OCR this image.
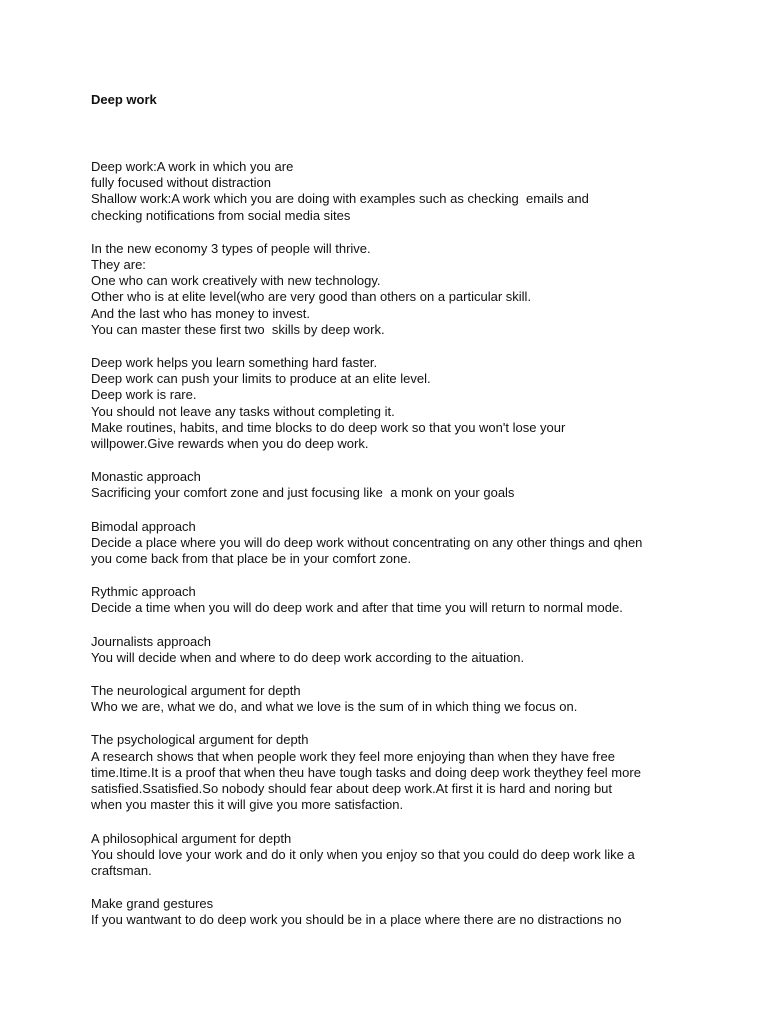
Deep work
Deep work:A work in which you are
fully focused without distraction
Shallow work:A work which you are doing with examples such as checking  emails and
checking notifications from social media sites
In the new economy 3 types of people will thrive.
They are:
One who can work creatively with new technology.
Other who is at elite level(who are very good than others on a particular skill.
And the last who has money to invest.
You can master these first two  skills by deep work.
Deep work helps you learn something hard faster.
Deep work can push your limits to produce at an elite level.
Deep work is rare.
You should not leave any tasks without completing it.
Make routines, habits, and time blocks to do deep work so that you won't lose your
willpower.Give rewards when you do deep work.
Monastic approach
Sacrificing your comfort zone and just focusing like  a monk on your goals
Bimodal approach
Decide a place where you will do deep work without concentrating on any other things and qhen
you come back from that place be in your comfort zone.
Rythmic approach
Decide a time when you will do deep work and after that time you will return to normal mode.
Journalists approach
You will decide when and where to do deep work according to the aituation.
The neurological argument for depth
Who we are, what we do, and what we love is the sum of in which thing we focus on.
The psychological argument for depth
A research shows that when people work they feel more enjoying than when they have free
time.Itime.It is a proof that when theu have tough tasks and doing deep work theythey feel more
satisfied.Ssatisfied.So nobody should fear about deep work.At first it is hard and noring but
when you master this it will give you more satisfaction.
A philosophical argument for depth
You should love your work and do it only when you enjoy so that you could do deep work like a
craftsman.
Make grand gestures
If you wantwant to do deep work you should be in a place where there are no distractions no
